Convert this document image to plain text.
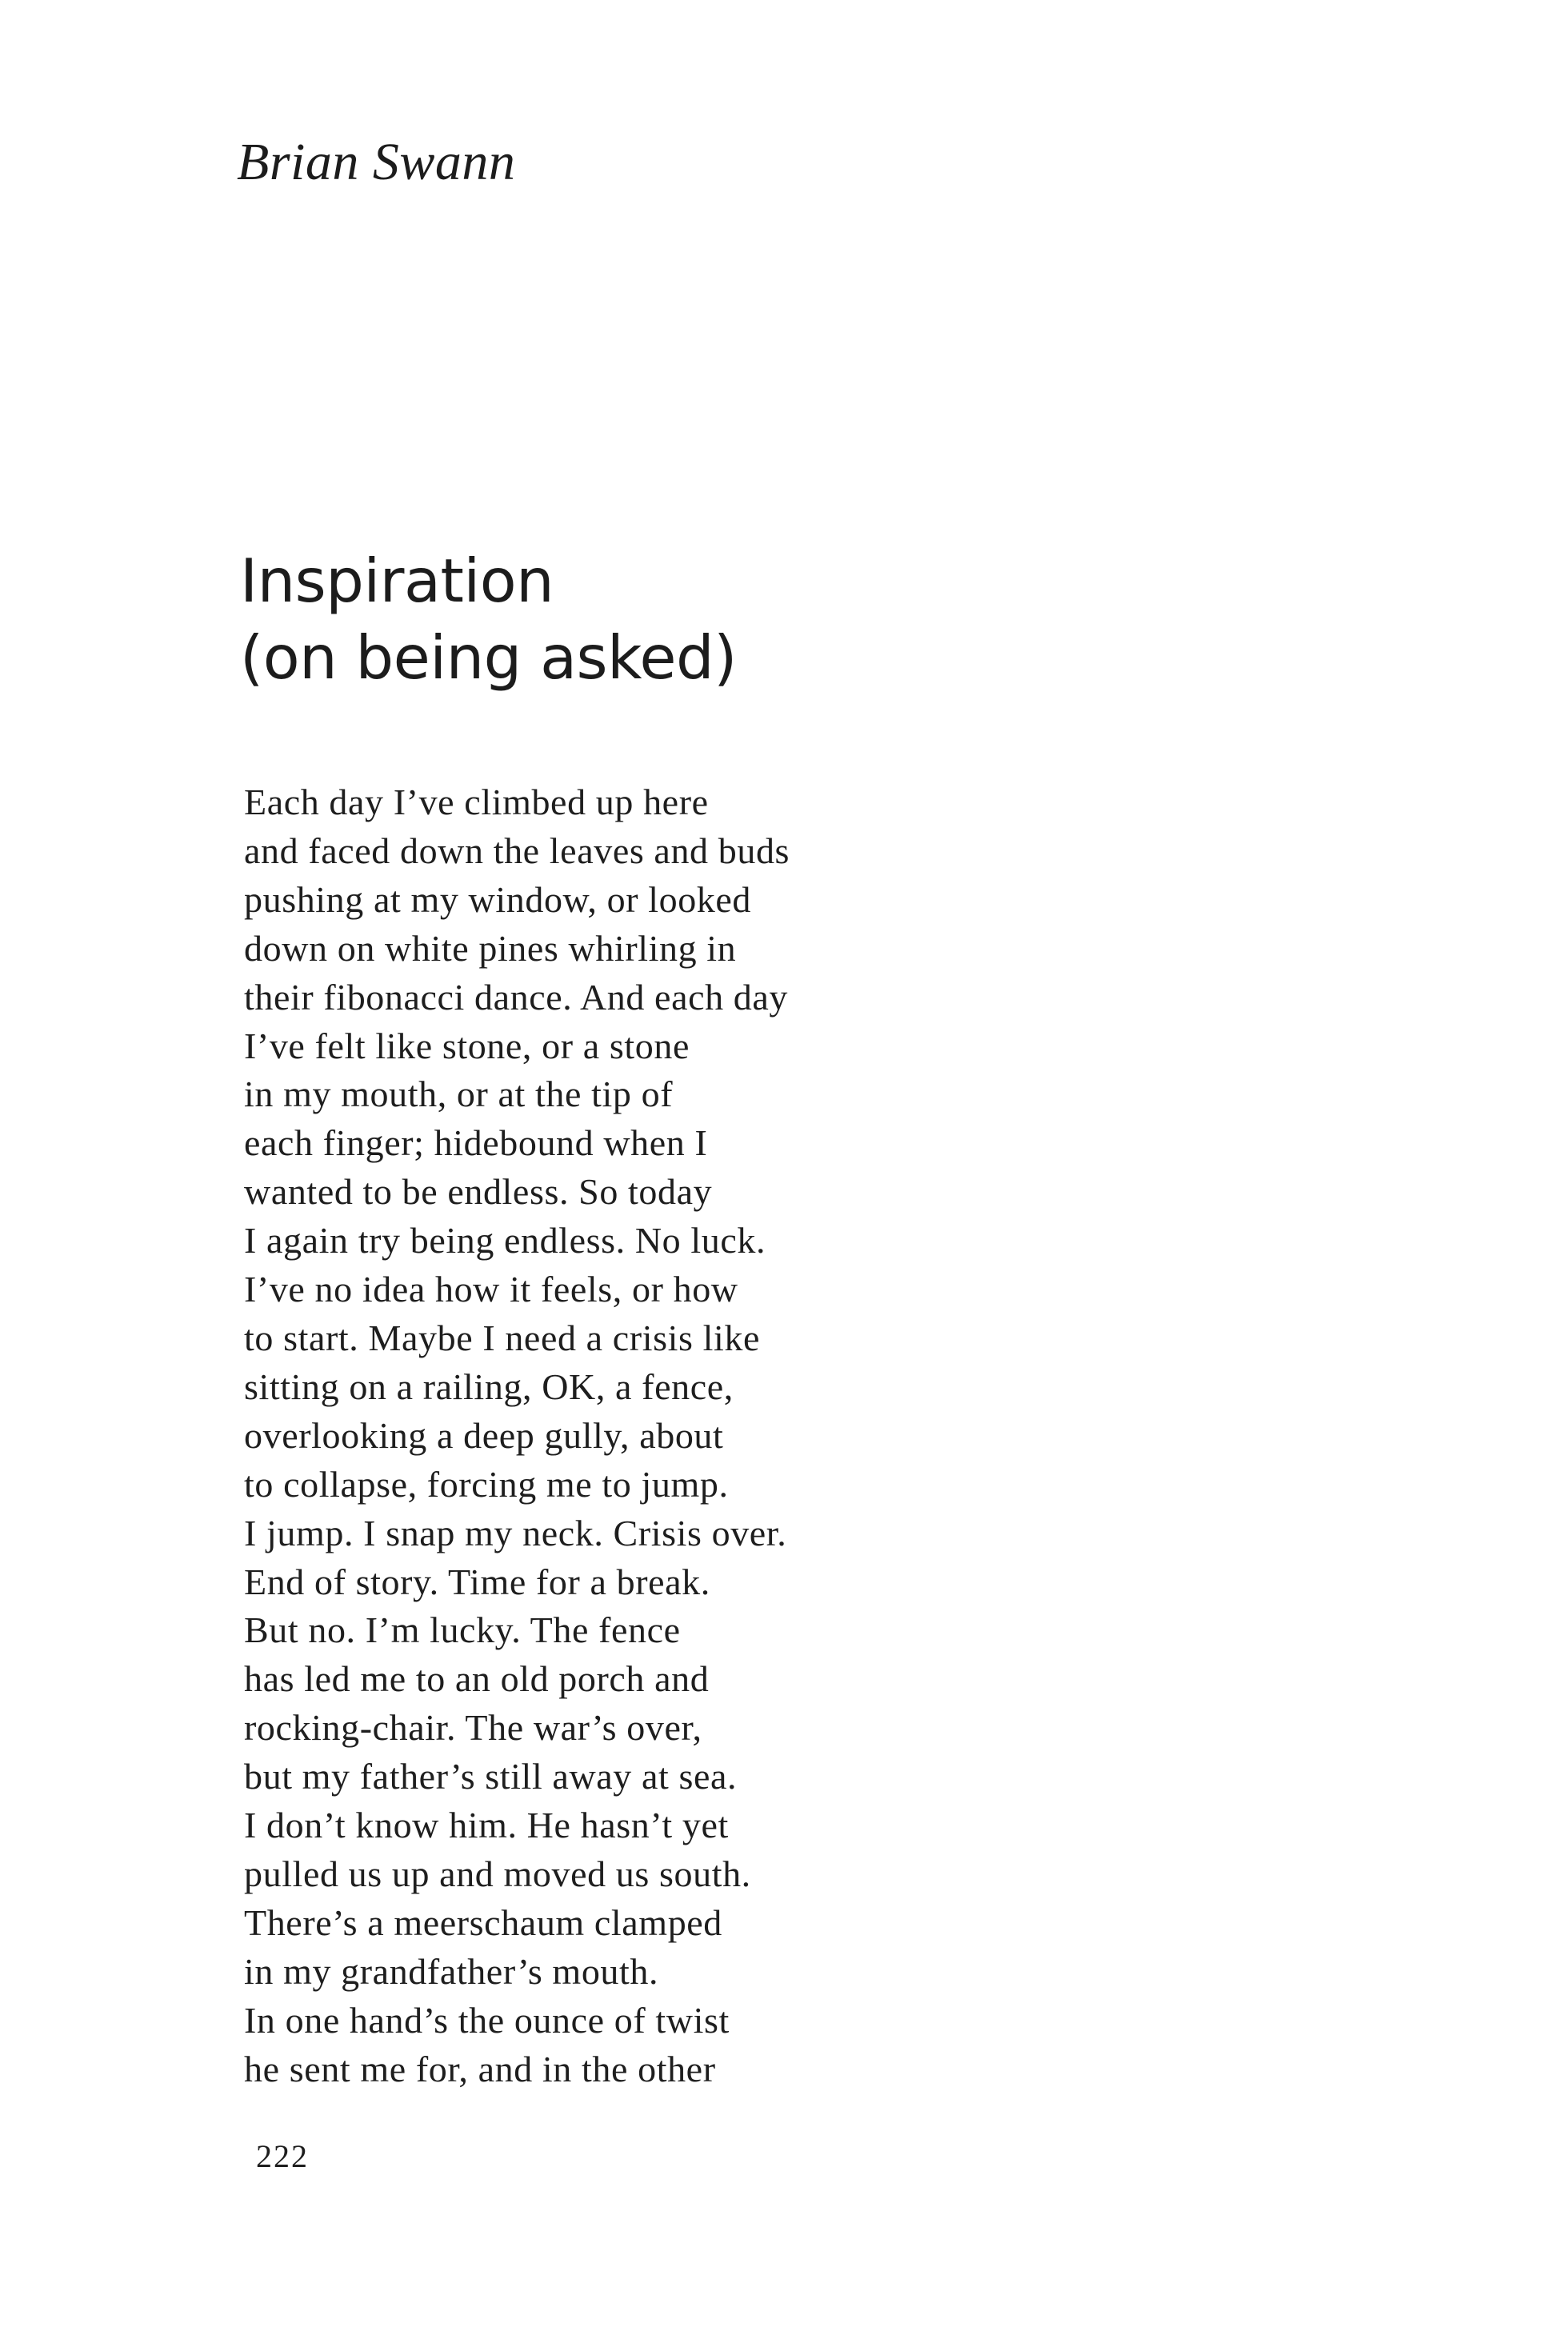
Brian Swann
Inspiration
(on being asked)
Each day I’ve climbed up here
and faced down the leaves and buds
pushing at my window, or looked
down on white pines whirling in
their fibonacci dance. And each day
I’ve felt like stone, or a stone
in my mouth, or at the tip of
each finger; hidebound when I
wanted to be endless. So today
I again try being endless. No luck.
I’ve no idea how it feels, or how
to start. Maybe I need a crisis like
sitting on a railing, OK, a fence,
overlooking a deep gully, about
to collapse, forcing me to jump.
I jump. I snap my neck. Crisis over.
End of story. Time for a break.
But no. I’m lucky. The fence
has led me to an old porch and
rocking-chair. The war’s over,
but my father’s still away at sea.
I don’t know him. He hasn’t yet
pulled us up and moved us south.
There’s a meerschaum clamped
in my grandfather’s mouth.
In one hand’s the ounce of twist
he sent me for, and in the other
222
